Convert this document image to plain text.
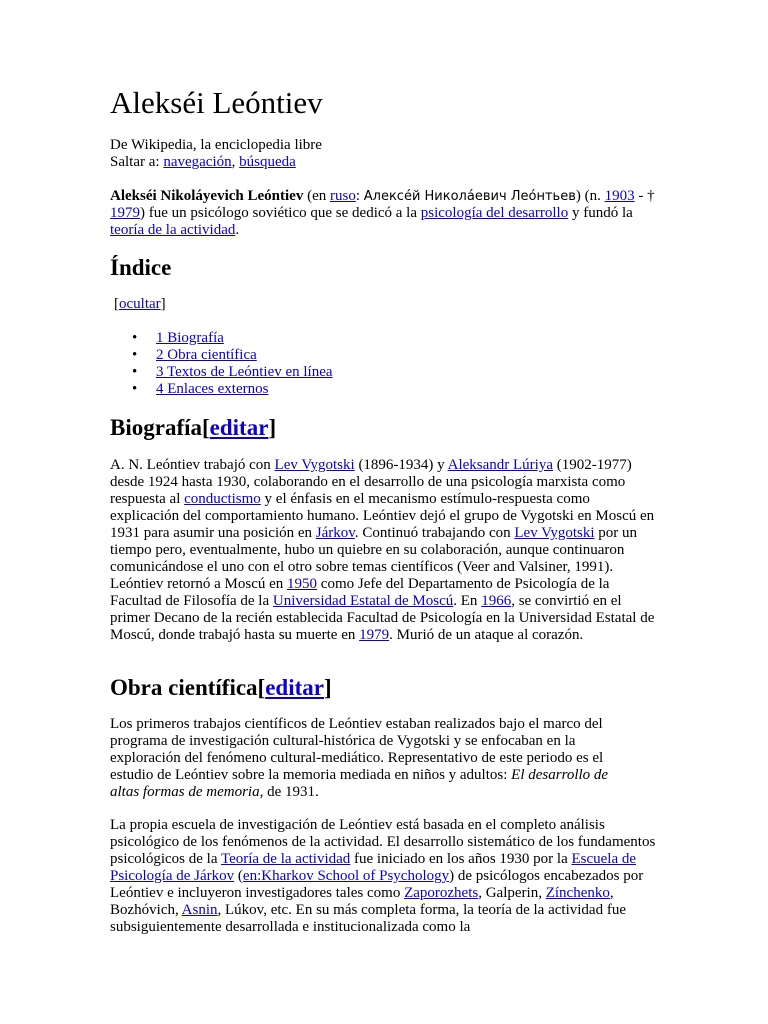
Alekséi Leóntiev

De Wikipedia, la enciclopedia libre

Saltar a: navegación, búsqueda

Alekséi Nikoláyevich Leóntiev (en ruso: Алексе́й Никола́евич Лео́нтьев) (n. 1903 - † 1979) fue un psicólogo soviético que se dedicó a la psicología del desarrollo y fundó la teoría de la actividad.

Índice
[ocultar]
• 1 Biografía
• 2 Obra científica
• 3 Textos de Leóntiev en línea
• 4 Enlaces externos
Biografía[editar]

A. N. Leóntiev trabajó con Lev Vygotski (1896-1934) y Aleksandr Lúriya (1902-1977) desde 1924 hasta 1930, colaborando en el desarrollo de una psicología marxista como respuesta al conductismo y el énfasis en el mecanismo estímulo-respuesta como explicación del comportamiento humano. Leóntiev dejó el grupo de Vygotski en Moscú en 1931 para asumir una posición en Járkov. Continuó trabajando con Lev Vygotski por un tiempo pero, eventualmente, hubo un quiebre en su colaboración, aunque continuaron comunicándose el uno con el otro sobre temas científicos (Veer and Valsiner, 1991). Leóntiev retornó a Moscú en 1950 como Jefe del Departamento de Psicología de la Facultad de Filosofía de la Universidad Estatal de Moscú. En 1966, se convirtió en el primer Decano de la recién establecida Facultad de Psicología en la Universidad Estatal de Moscú, donde trabajó hasta su muerte en 1979. Murió de un ataque al corazón.

Obra científica[editar]

Los primeros trabajos científicos de Leóntiev estaban realizados bajo el marco del programa de investigación cultural-histórica de Vygotski y se enfocaban en la exploración del fenómeno cultural-mediático. Representativo de este periodo es el estudio de Leóntiev sobre la memoria mediada en niños y adultos: El desarrollo de altas formas de memoria, de 1931.

La propia escuela de investigación de Leóntiev está basada en el completo análisis psicológico de los fenómenos de la actividad. El desarrollo sistemático de los fundamentos psicológicos de la Teoría de la actividad fue iniciado en los años 1930 por la Escuela de Psicología de Járkov (en:Kharkov School of Psychology) de psicólogos encabezados por Leóntiev e incluyeron investigadores tales como Zaporozhets, Galperin, Zínchenko, Bozhóvich, Asnin, Lúkov, etc. En su más completa forma, la teoría de la actividad fue subsiguientemente desarrollada e institucionalizada como la
